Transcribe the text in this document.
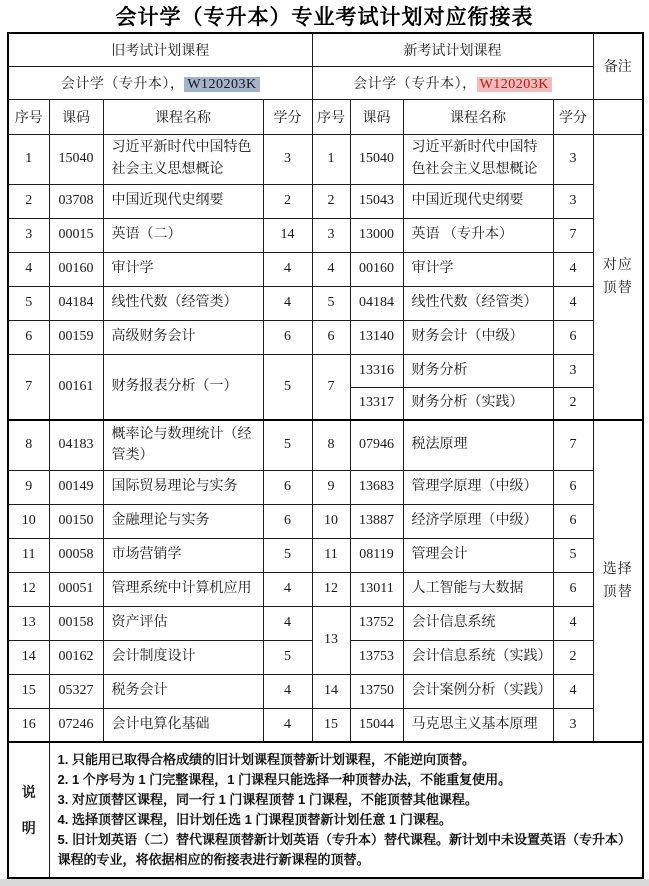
会计学（专升本）专业考试计划对应衔接表
旧考试计划课程				新考试计划课程				备注
会计学（专升本）， W120203K				会计学（专升本）， W120203K				
序号	课码	课程名称	学分	序号	课码	课程名称	学分	
1	15040	习近平新时代中国特色社会主义思想概论	3	1	15040	习近平新时代中国特色社会主义思想概论	3	对应顶替

2	03708	中国近现代史纲要	2	2	15043	中国近现代史纲要	3	
3	00015	英语（二）	14	3	13000	英语 （专升本）	7	
4	00160	审计学	4	4	00160	审计学	4	
5	04184	线性代数（经管类）	4	5	04184	线性代数（经管类）	4	
6	00159	高级财务会计	6	6	13140	财务会计（中级）	6	
7	00161	财务报表分析（一）	5	7	13316	财务分析	3	
					13317	财务分析（实践）	2	
8	04183	概率论与数理统计（经管类）	5	8	07946	税法原理	7	选择顶替

9	00149	国际贸易理论与实务	6	9	13683	管理学原理（中级）	6	
10	00150	金融理论与实务	6	10	13887	经济学原理（中级）	6	
11	00058	市场营销学	5	11	08119	管理会计	5	
12	00051	管理系统中计算机应用	4	12	13011	人工智能与大数据	6	
13	00158	资产评估	4	13	13752	会计信息系统	4	
14	00162	会计制度设计	5		13753	会计信息系统（实践）	2	
15	05327	税务会计	4	14	13750	会计案例分析（实践）	4	
16	07246	会计电算化基础	4	15	15044	马克思主义基本原理	3	

说明	1. 只能用已取得合格成绩的旧计划课程顶替新计划课程，不能逆向顶替。
2. 1 个序号为 1 门完整课程，1 门课程只能选择一种顶替办法，不能重复使用。
3. 对应顶替区课程，同一行 1 门课程顶替 1 门课程，不能顶替其他课程。
4. 选择顶替区课程，旧计划任选 1 门课程顶替新计划任意 1 门课程。
5. 旧计划英语（二）替代课程顶替新计划英语（专升本）替代课程。新计划中未设置英语（专升本）课程的专业，将依据相应的衔接表进行新课程的顶替。							
